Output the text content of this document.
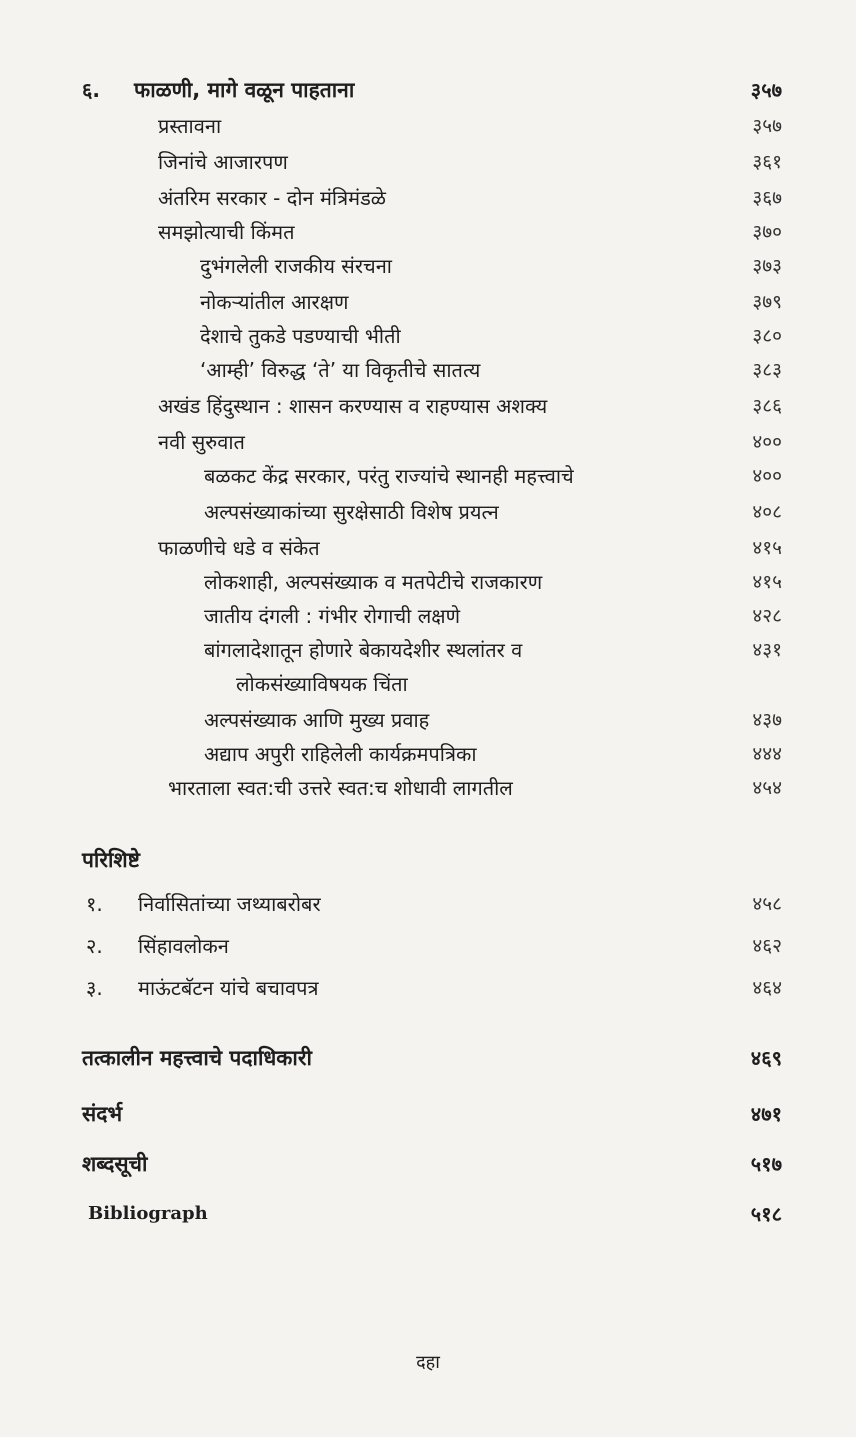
६. फाळणी, मागे वळून पाहताना	३५७
प्रस्तावना	३५७
जिनांचे आजारपण	३६१
अंतरिम सरकार - दोन मंत्रिमंडळे	३६७
समझोत्याची किंमत	३७०
दुभंगलेली राजकीय संरचना	३७३
नोकऱ्यांतील आरक्षण	३७९
देशाचे तुकडे पडण्याची भीती	३८०
‘आम्ही’ विरुद्ध ‘ते’ या विकृतीचे सातत्य	३८३
अखंड हिंदुस्थान : शासन करण्यास व राहण्यास अशक्य	३८६
नवी सुरुवात	४००
बळकट केंद्र सरकार, परंतु राज्यांचे स्थानही महत्त्वाचे	४००
अल्पसंख्याकांच्या सुरक्षेसाठी विशेष प्रयत्न	४०८
फाळणीचे धडे व संकेत	४१५
लोकशाही, अल्पसंख्याक व मतपेटीचे राजकारण	४१५
जातीय दंगली : गंभीर रोगाची लक्षणे	४२८
बांगलादेशातून होणारे बेकायदेशीर स्थलांतर व	४३१
लोकसंख्याविषयक चिंता
अल्पसंख्याक आणि मुख्य प्रवाह	४३७
अद्याप अपुरी राहिलेली कार्यक्रमपत्रिका	४४४
भारताला स्वत:ची उत्तरे स्वत:च शोधावी लागतील	४५४
परिशिष्टे
१. निर्वासितांच्या जथ्याबरोबर	४५८
२. सिंहावलोकन	४६२
३. माऊंटबॅटन यांचे बचावपत्र	४६४
तत्कालीन महत्त्वाचे पदाधिकारी	४६९
संदर्भ	४७१
शब्दसूची	५१७
Bibliograph	५१८
दहा
